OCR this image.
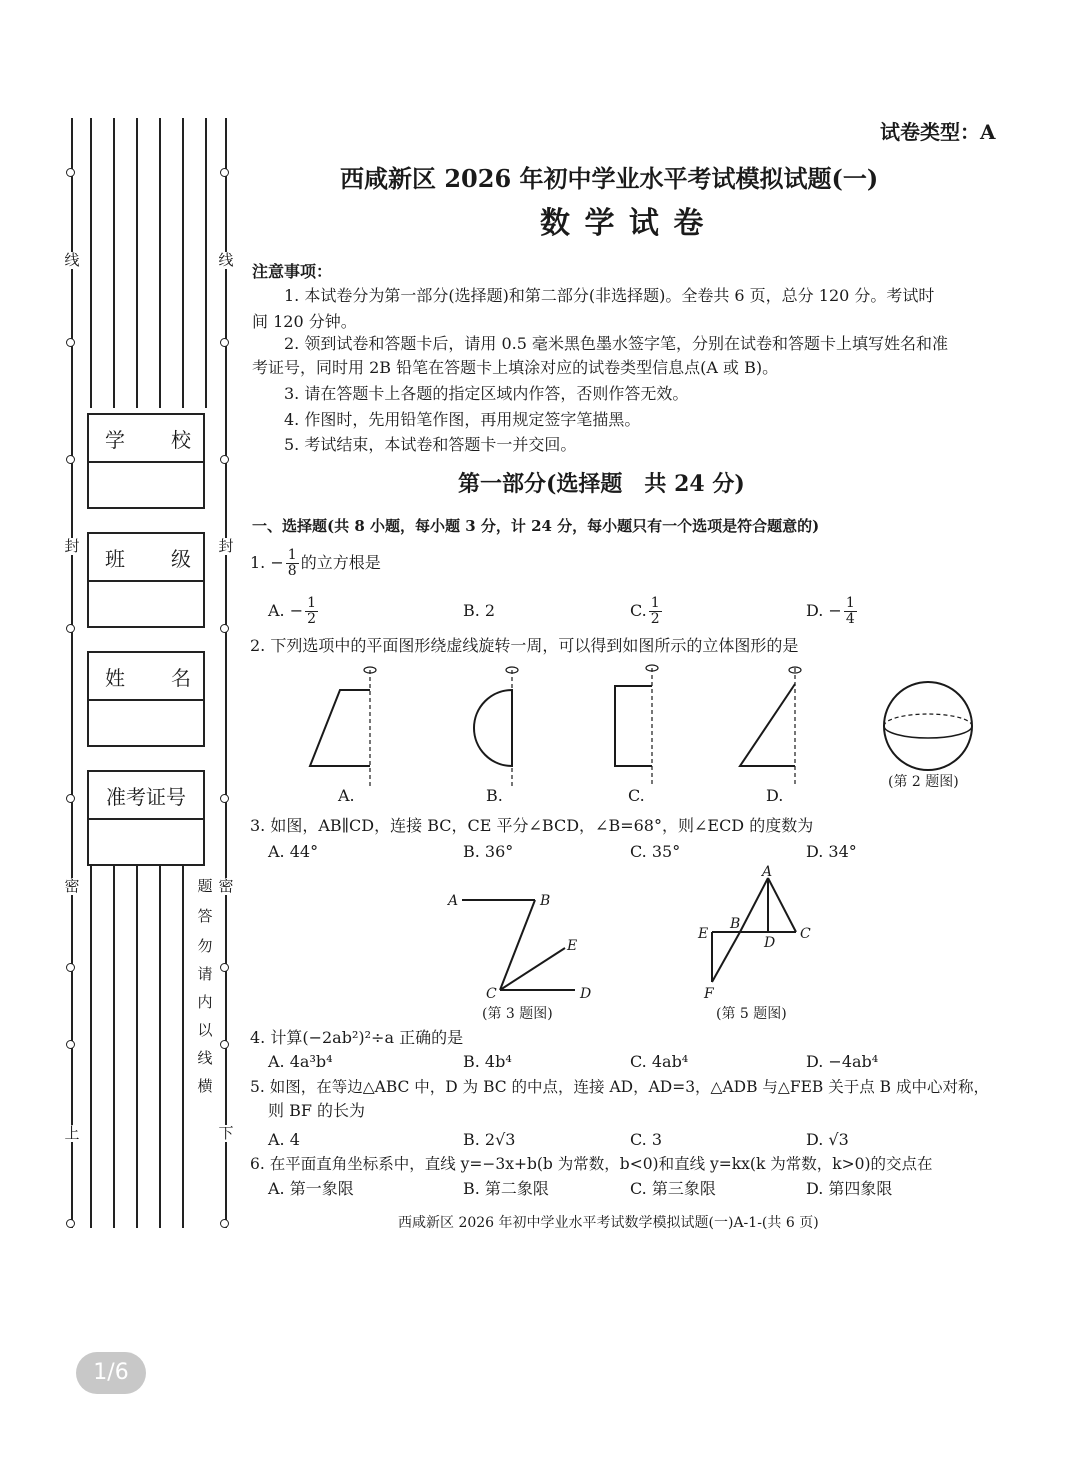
线	线
封	封
密	密
上	下
题
答
勿
请
内
以
线
横
学 校
班 级
姓 名
准考证号
试卷类型：A
西咸新区 2026 年初中学业水平考试模拟试题(一)
数 学 试 卷
注意事项：
1. 本试卷分为第一部分(选择题)和第二部分(非选择题)。全卷共 6 页，总分 120 分。考试时
间 120 分钟。
2. 领到试卷和答题卡后，请用 0.5 毫米黑色墨水签字笔，分别在试卷和答题卡上填写姓名和准
考证号，同时用 2B 铅笔在答题卡上填涂对应的试卷类型信息点(A 或 B)。
3. 请在答题卡上各题的指定区域内作答，否则作答无效。
4. 作图时，先用铅笔作图，再用规定签字笔描黑。
5. 考试结束，本试卷和答题卡一并交回。
第一部分(选择题　共 24 分)
一、选择题(共 8 小题，每小题 3 分，计 24 分，每小题只有一个选项是符合题意的)
1. − $\frac{1}{8}$ 的立方根是
A. − $\frac{1}{2}$	B. 2	C. $\frac{1}{2}$	D. − $\frac{1}{4}$
2. 下列选项中的平面图形绕虚线旋转一周，可以得到如图所示的立体图形的是
A.	B.	C.	D.
(第 2 题图)
3. 如图，AB∥CD，连接 BC，CE 平分∠BCD，∠B=68°，则∠ECD 的度数为
A. 44°	B. 36°	C. 35°	D. 34°
A	B
C	D
E
(第 3 题图)
A
B
C
D
E
F
(第 5 题图)
4. 计算(−2ab²)²÷a 正确的是
A. 4a³b⁴	B. 4b⁴	C. 4ab⁴	D. −4ab⁴
5. 如图，在等边△ABC 中，D 为 BC 的中点，连接 AD，AD=3，△ADB 与△FEB 关于点 B 成中心对称，
则 BF 的长为
A. 4	B. 2√3	C. 3	D. √3
6. 在平面直角坐标系中，直线 y=−3x+b(b 为常数，b<0)和直线 y=kx(k 为常数，k>0)的交点在
A. 第一象限	B. 第二象限	C. 第三象限	D. 第四象限
西咸新区 2026 年初中学业水平考试数学模拟试题(一)A-1-(共 6 页)
1/6
